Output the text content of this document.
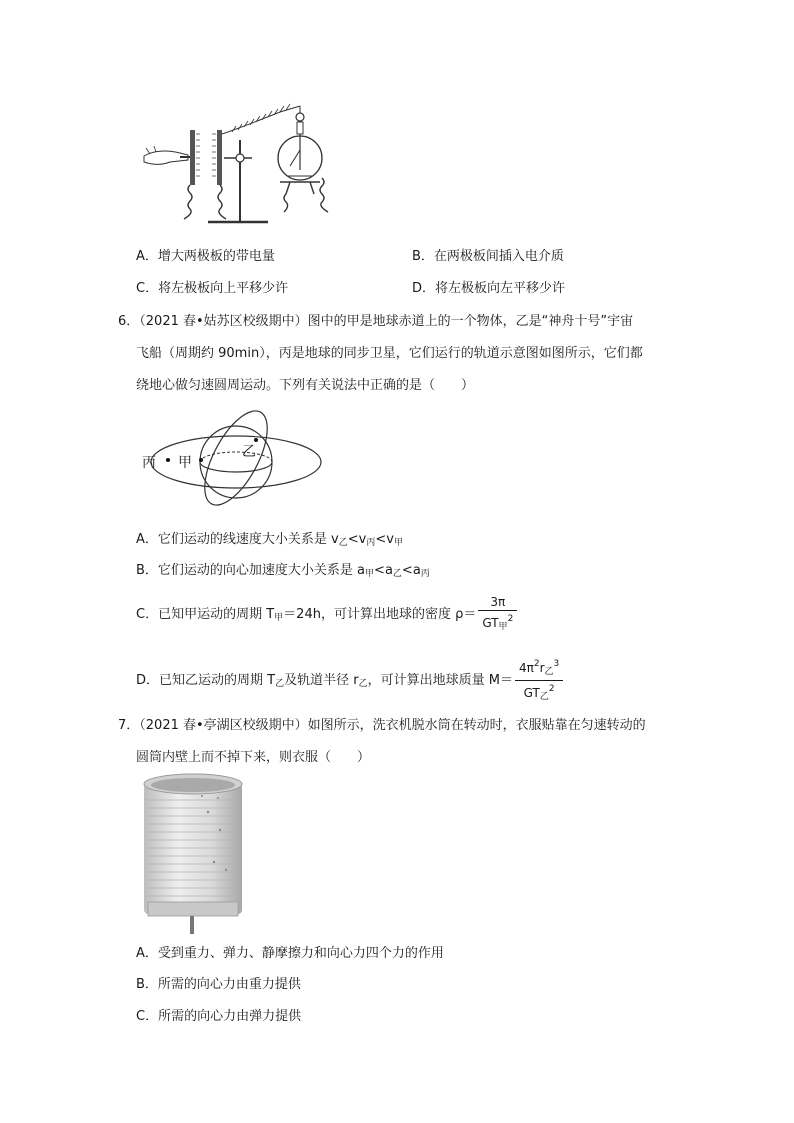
A．增大两极板的带电量	B．在两极板间插入电介质
C．将左极板向上平移少许	D．将左极板向左平移少许
6．（2021 春•姑苏区校级期中）图中的甲是地球赤道上的一个物体，乙是“神舟十号”宇宙
飞船（周期约 90min），丙是地球的同步卫星，它们运行的轨道示意图如图所示，它们都
绕地心做匀速圆周运动。下列有关说法中正确的是（　　）
丙 甲
乙
A．它们运动的线速度大小关系是 $v_乙<v_丙<v_甲$
B．它们运动的向心加速度大小关系是 $a_甲<a_乙<a_丙$
C．已知甲运动的周期 $T_甲=24h$，可计算出地球的密度 $\rho= \frac{3\pi}{GT_甲^2}$
D．已知乙运动的周期 $T_乙$及轨道半径 $r_乙$，可计算出地球质量 $M= \frac{4\pi^2r_乙^3}{GT_乙^2}$
7．（2021 春•亭湖区校级期中）如图所示，洗衣机脱水筒在转动时，衣服贴靠在匀速转动的
圆筒内壁上而不掉下来，则衣服（　　）
A．受到重力、弹力、静摩擦力和向心力四个力的作用
B．所需的向心力由重力提供
C．所需的向心力由弹力提供
